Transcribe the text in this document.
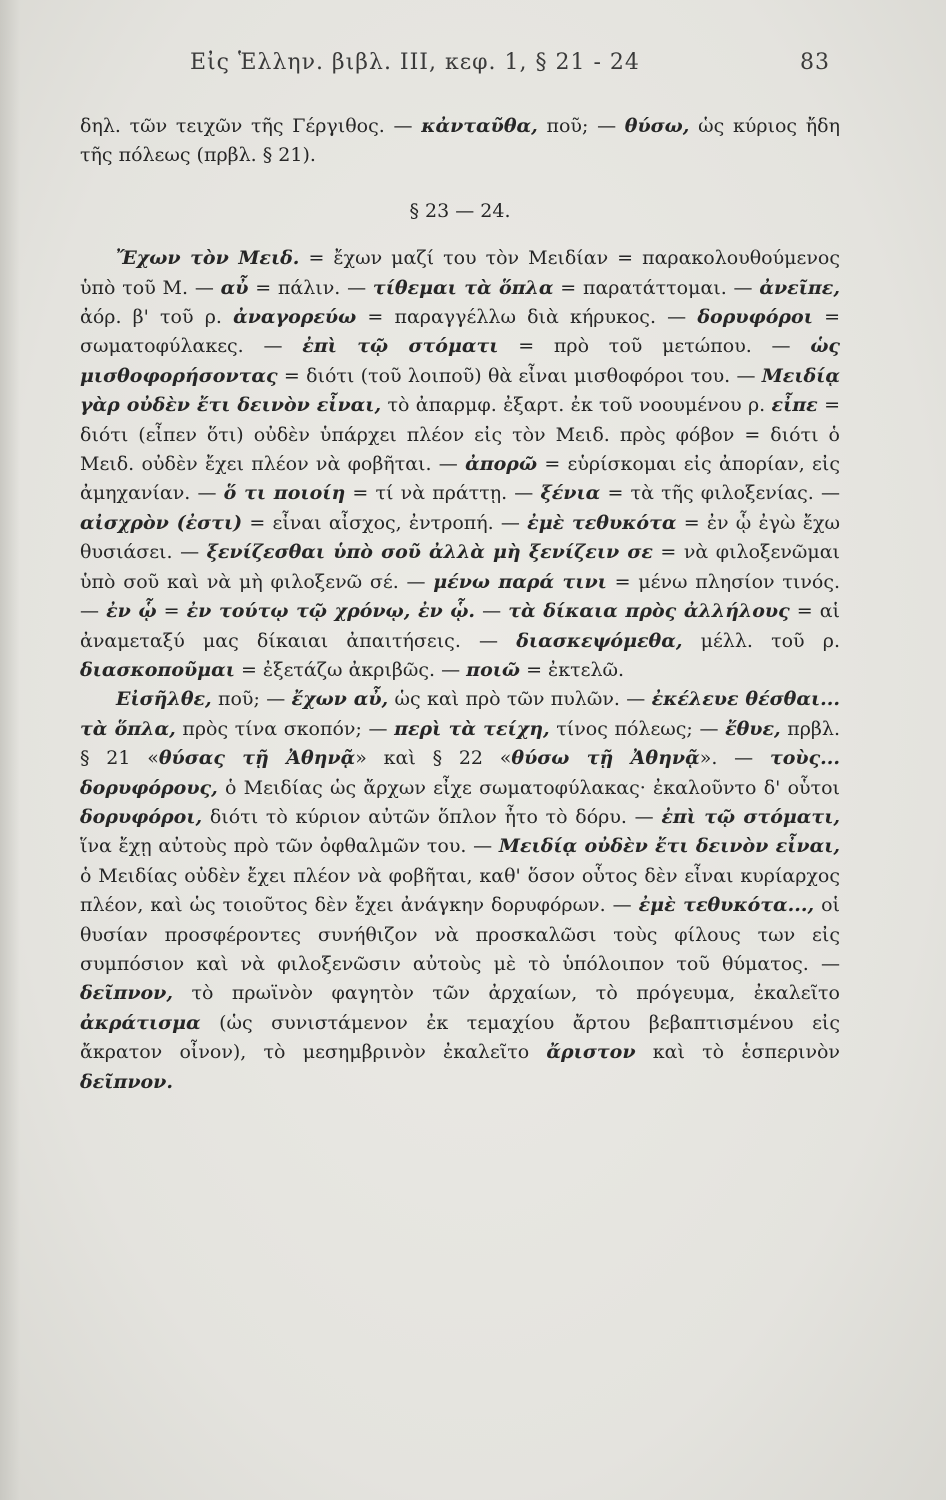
Εἰς Ἑλλην. βιβλ. ΙΙΙ, κεφ. 1, § 21 - 24	83

δηλ. τῶν τειχῶν τῆς Γέργιθος. — κἀνταῦθα, ποῦ; — θύσω, ὡς κύριος ἤδη τῆς πόλεως (πρβλ. § 21).

§ 23 — 24.

Ἔχων τὸν Μειδ. = ἔχων μαζί του τὸν Μειδίαν = παρακολουθούμενος ὑπὸ τοῦ Μ. — αὖ = πάλιν. — τίθεμαι τὰ ὅπλα = παρατάττομαι. — ἀνεῖπε, ἀόρ. β' τοῦ ρ. ἀναγορεύω = παραγγέλλω διὰ κήρυκος. — δορυφόροι = σωματοφύλακες. — ἐπὶ τῷ στόματι = πρὸ τοῦ μετώπου. — ὡς μισθοφορήσοντας = διότι (τοῦ λοιποῦ) θὰ εἶναι μισθοφόροι του. — Μειδίᾳ γὰρ οὐδὲν ἔτι δεινὸν εἶναι, τὸ ἀπαρμφ. ἐξαρτ. ἐκ τοῦ νοουμένου ρ. εἶπε = διότι (εἶπεν ὅτι) οὐδὲν ὑπάρχει πλέον εἰς τὸν Μειδ. πρὸς φόβον = διότι ὁ Μειδ. οὐδὲν ἔχει πλέον νὰ φοβῆται. — ἀπορῶ = εὑρίσκομαι εἰς ἀπορίαν, εἰς ἀμηχανίαν. — ὅ τι ποιοίη = τί νὰ πράττῃ. — ξένια = τὰ τῆς φιλοξενίας. — αἰσχρὸν (ἐστι) = εἶναι αἶσχος, ἐντροπή. — ἐμὲ τεθυκότα = ἐν ᾧ ἐγὼ ἔχω θυσιάσει. — ξενίζεσθαι ὑπὸ σοῦ ἀλλὰ μὴ ξενίζειν σε = νὰ φιλοξενῶμαι ὑπὸ σοῦ καὶ νὰ μὴ φιλοξενῶ σέ. — μένω παρά τινι = μένω πλησίον τινός. — ἐν ᾧ = ἐν τούτῳ τῷ χρόνῳ, ἐν ᾧ. — τὰ δίκαια πρὸς ἀλλήλους = αἱ ἀναμεταξύ μας δίκαιαι ἀπαιτήσεις. — διασκεψόμεθα, μέλλ. τοῦ ρ. διασκοποῦμαι = ἐξετάζω ἀκριβῶς. — ποιῶ = ἐκτελῶ.

Εἰσῆλθε, ποῦ; — ἔχων αὖ, ὡς καὶ πρὸ τῶν πυλῶν. — ἐκέλευε θέσθαι... τὰ ὅπλα, πρὸς τίνα σκοπόν; — περὶ τὰ τείχη, τίνος πόλεως; — ἔθυε, πρβλ. § 21 «θύσας τῇ Ἀθηνᾷ» καὶ § 22 «θύσω τῇ Ἀθηνᾷ». — τοὺς... δορυφόρους, ὁ Μειδίας ὡς ἄρχων εἶχε σωματοφύλακας· ἐκαλοῦντο δ' οὗτοι δορυφόροι, διότι τὸ κύριον αὐτῶν ὅπλον ἦτο τὸ δόρυ. — ἐπὶ τῷ στόματι, ἵνα ἔχῃ αὐτοὺς πρὸ τῶν ὀφθαλμῶν του. — Μειδίᾳ οὐδὲν ἔτι δεινὸν εἶναι, ὁ Μειδίας οὐδὲν ἔχει πλέον νὰ φοβῆται, καθ' ὅσον οὗτος δὲν εἶναι κυρίαρχος πλέον, καὶ ὡς τοιοῦτος δὲν ἔχει ἀνάγκην δορυφόρων. — ἐμὲ τεθυκότα..., οἱ θυσίαν προσφέροντες συνήθιζον νὰ προσκαλῶσι τοὺς φίλους των εἰς συμπόσιον καὶ νὰ φιλοξενῶσιν αὐτοὺς μὲ τὸ ὑπόλοιπον τοῦ θύματος. — δεῖπνον, τὸ πρωϊνὸν φαγητὸν τῶν ἀρχαίων, τὸ πρόγευμα, ἐκαλεῖτο ἀκράτισμα (ὡς συνιστάμενον ἐκ τεμαχίου ἄρτου βεβαπτισμένου εἰς ἄκρατον οἶνον), τὸ μεσημβρινὸν ἐκαλεῖτο ἄριστον καὶ τὸ ἑσπερινὸν δεῖπνον.
